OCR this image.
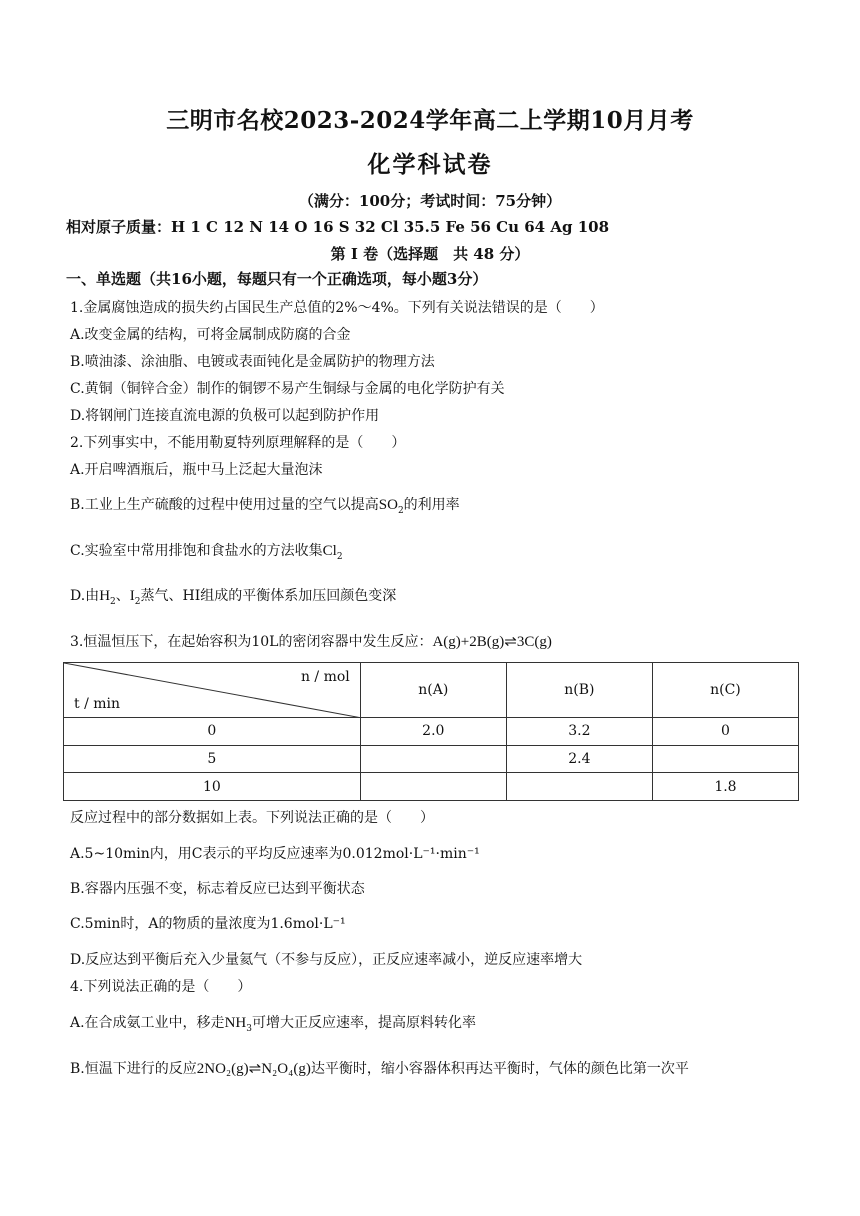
三明市名校2023-2024学年高二上学期10月月考
化学科试卷
（满分：100分；考试时间：75分钟）
相对原子质量：H 1 C 12 N 14 O 16 S 32 Cl 35.5 Fe 56 Cu 64 Ag 108
第 I 卷（选择题　共 48 分）
一、单选题（共16小题，每题只有一个正确选项，每小题3分）
1.金属腐蚀造成的损失约占国民生产总值的2%～4%。下列有关说法错误的是（　　）
A.改变金属的结构，可将金属制成防腐的合金
B.喷油漆、涂油脂、电镀或表面钝化是金属防护的物理方法
C.黄铜（铜锌合金）制作的铜锣不易产生铜绿与金属的电化学防护有关
D.将钢闸门连接直流电源的负极可以起到防护作用
2.下列事实中，不能用勒夏特列原理解释的是（　　）
A.开启啤酒瓶后，瓶中马上泛起大量泡沫
B.工业上生产硫酸的过程中使用过量的空气以提高$SO_2$的利用率
C.实验室中常用排饱和食盐水的方法收集$Cl_2$
D.由$H_2$、$I_2$蒸气、HI组成的平衡体系加压回颜色变深
3.恒温恒压下，在起始容积为10L的密闭容器中发生反应：A(g)+2B(g)⇌3C(g)
n / mol
t / min	n(A)	n(B)	n(C)
0	2.0	3.2	0
5		2.4	
10			1.8
反应过程中的部分数据如上表。下列说法正确的是（　　）
A.5~10min内，用C表示的平均反应速率为0.012mol·L⁻¹·min⁻¹
B.容器内压强不变，标志着反应已达到平衡状态
C.5min时，A的物质的量浓度为1.6mol·L⁻¹
D.反应达到平衡后充入少量氦气（不参与反应），正反应速率减小，逆反应速率增大
4.下列说法正确的是（　　）
A.在合成氨工业中，移走$NH_3$可增大正反应速率，提高原料转化率
B.恒温下进行的反应2NO₂(g)⇌N₂O₄(g)达平衡时，缩小容器体积再达平衡时，气体的颜色比第一次平
